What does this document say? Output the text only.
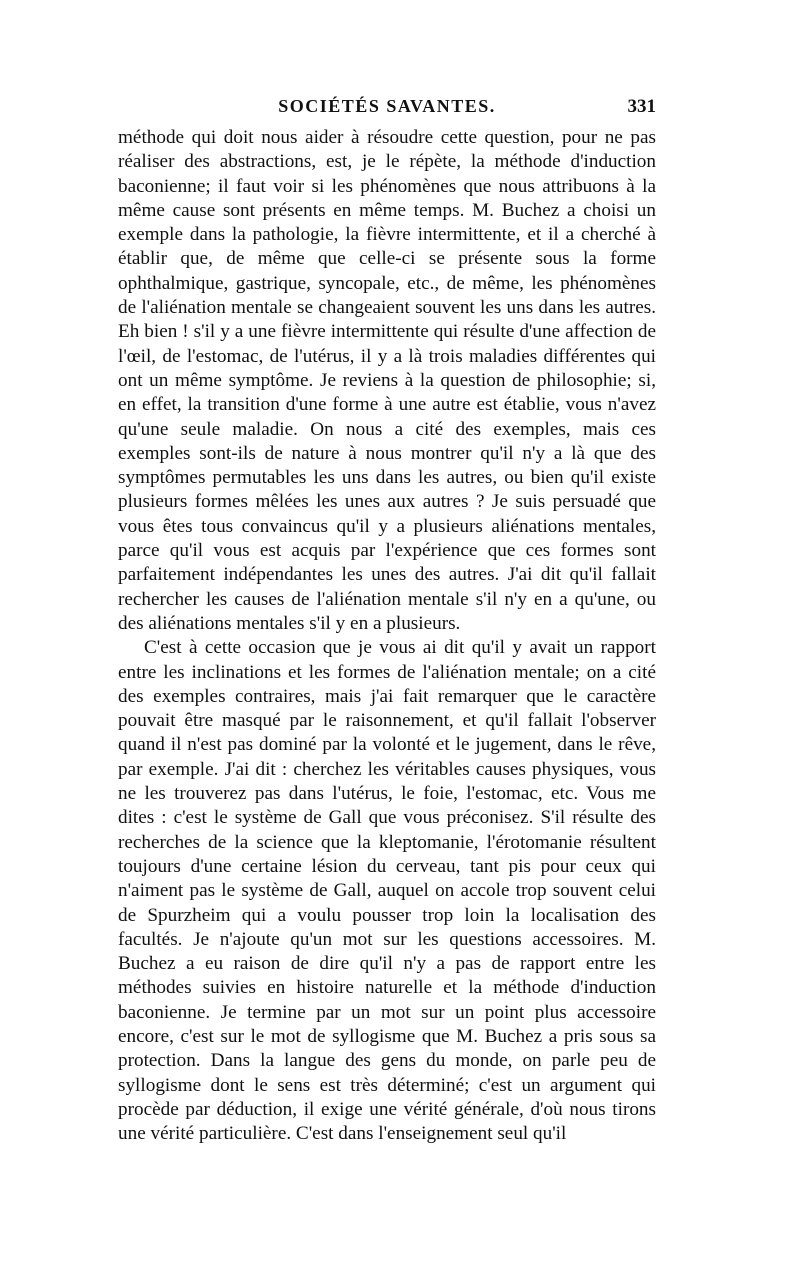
SOCIÉTÉS SAVANTES.	331

méthode qui doit nous aider à résoudre cette question, pour ne pas réaliser des abstractions, est, je le répète, la méthode d'induction baconienne; il faut voir si les phénomènes que nous attribuons à la même cause sont présents en même temps. M. Buchez a choisi un exemple dans la pathologie, la fièvre intermittente, et il a cherché à établir que, de même que celle-ci se présente sous la forme ophthalmique, gastrique, syncopale, etc., de même, les phénomènes de l'aliénation mentale se changeaient souvent les uns dans les autres. Eh bien ! s'il y a une fièvre intermittente qui résulte d'une affection de l'œil, de l'estomac, de l'utérus, il y a là trois maladies différentes qui ont un même symptôme. Je reviens à la question de philosophie; si, en effet, la transition d'une forme à une autre est établie, vous n'avez qu'une seule maladie. On nous a cité des exemples, mais ces exemples sont-ils de nature à nous montrer qu'il n'y a là que des symptômes permutables les uns dans les autres, ou bien qu'il existe plusieurs formes mêlées les unes aux autres ? Je suis persuadé que vous êtes tous convaincus qu'il y a plusieurs aliénations mentales, parce qu'il vous est acquis par l'expérience que ces formes sont parfaitement indépendantes les unes des autres. J'ai dit qu'il fallait rechercher les causes de l'aliénation mentale s'il n'y en a qu'une, ou des aliénations mentales s'il y en a plusieurs.

C'est à cette occasion que je vous ai dit qu'il y avait un rapport entre les inclinations et les formes de l'aliénation mentale; on a cité des exemples contraires, mais j'ai fait remarquer que le caractère pouvait être masqué par le raisonnement, et qu'il fallait l'observer quand il n'est pas dominé par la volonté et le jugement, dans le rêve, par exemple. J'ai dit : cherchez les véritables causes physiques, vous ne les trouverez pas dans l'utérus, le foie, l'estomac, etc. Vous me dites : c'est le système de Gall que vous préconisez. S'il résulte des recherches de la science que la kleptomanie, l'érotomanie résultent toujours d'une certaine lésion du cerveau, tant pis pour ceux qui n'aiment pas le système de Gall, auquel on accole trop souvent celui de Spurzheim qui a voulu pousser trop loin la localisation des facultés. Je n'ajoute qu'un mot sur les questions accessoires. M. Buchez a eu raison de dire qu'il n'y a pas de rapport entre les méthodes suivies en histoire naturelle et la méthode d'induction baconienne. Je termine par un mot sur un point plus accessoire encore, c'est sur le mot de syllogisme que M. Buchez a pris sous sa protection. Dans la langue des gens du monde, on parle peu de syllogisme dont le sens est très déterminé; c'est un argument qui procède par déduction, il exige une vérité générale, d'où nous tirons une vérité particulière. C'est dans l'enseignement seul qu'il
